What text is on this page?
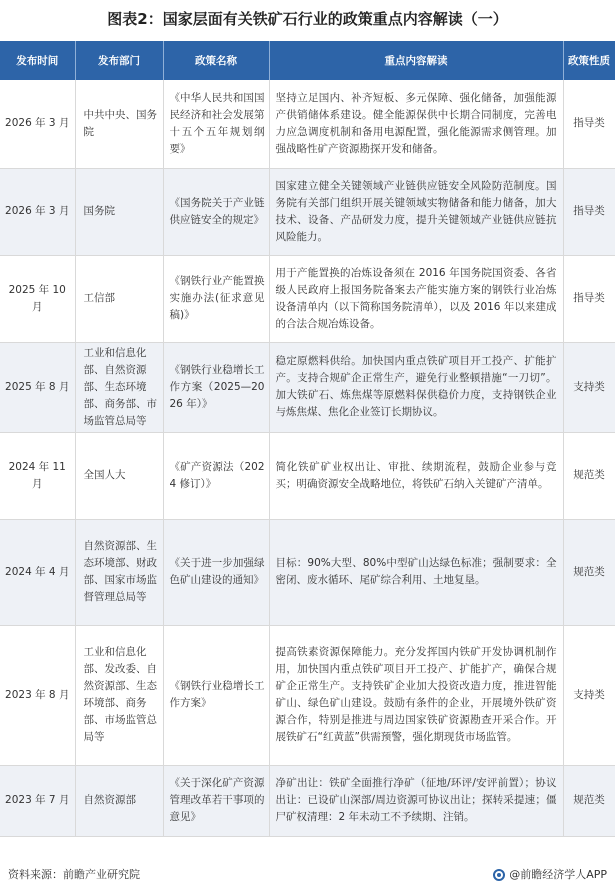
图表2：国家层面有关铁矿石行业的政策重点内容解读（一）
发布时间	发布部门	政策名称	重点内容解读	政策性质
2026 年 3 月	中共中央、国务院	《中华人民共和国国民经济和社会发展第十五个五年规划纲要》	坚持立足国内、补齐短板、多元保障、强化储备，加强能源产供销储体系建设。健全能源保供中长期合同制度，完善电力应急调度机制和备用电源配置，强化能源需求侧管理。加强战略性矿产资源勘探开发和储备。	指导类
2026 年 3 月	国务院	《国务院关于产业链供应链安全的规定》	国家建立健全关键领域产业链供应链安全风险防范制度。国务院有关部门组织开展关键领域实物储备和能力储备，加大技术、设备、产品研发力度，提升关键领域产业链供应链抗风险能力。	指导类
2025 年 10 月	工信部	《钢铁行业产能置换实施办法(征求意见稿)》	用于产能置换的冶炼设备须在 2016 年国务院国资委、各省级人民政府上报国务院备案去产能实施方案的钢铁行业冶炼设备清单内（以下简称国务院清单），以及 2016 年以来建成的合法合规冶炼设备。	指导类
2025 年 8 月	工业和信息化部、自然资源部、生态环境部、商务部、市场监管总局等	《钢铁行业稳增长工作方案（2025—2026 年）》	稳定原燃料供给。加快国内重点铁矿项目开工投产、扩能扩产。支持合规矿企正常生产，避免行业整顿措施“一刀切”。加大铁矿石、炼焦煤等原燃料保供稳价力度，支持钢铁企业与炼焦煤、焦化企业签订长期协议。	支持类
2024 年 11 月	全国人大	《矿产资源法（2024 修订）》	简化铁矿矿业权出让、审批、续期流程，鼓励企业参与竞买；明确资源安全战略地位，将铁矿石纳入关键矿产清单。	规范类
2024 年 4 月	自然资源部、生态环境部、财政部、国家市场监督管理总局等	《关于进一步加强绿色矿山建设的通知》	目标：90%大型、80%中型矿山达绿色标准；强制要求：全密闭、废水循环、尾矿综合利用、土地复垦。	规范类
2023 年 8 月	工业和信息化部、发改委、自然资源部、生态环境部、商务部、市场监管总局等	《钢铁行业稳增长工作方案》	提高铁素资源保障能力。充分发挥国内铁矿开发协调机制作用，加快国内重点铁矿项目开工投产、扩能扩产，确保合规矿企正常生产。支持铁矿企业加大投资改造力度，推进智能矿山、绿色矿山建设。鼓励有条件的企业，开展境外铁矿资源合作，特别是推进与周边国家铁矿资源勘查开采合作。开展铁矿石“红黄蓝”供需预警，强化期现货市场监管。	支持类
2023 年 7 月	自然资源部	《关于深化矿产资源管理改革若干事项的意见》	净矿出让：铁矿全面推行净矿（征地/环评/安评前置）；协议出让：已设矿山深部/周边资源可协议出让；探转采提速；僵尸矿权清理：2 年未动工不予续期、注销。	规范类
资料来源：前瞻产业研究院	@前瞻经济学人APP
